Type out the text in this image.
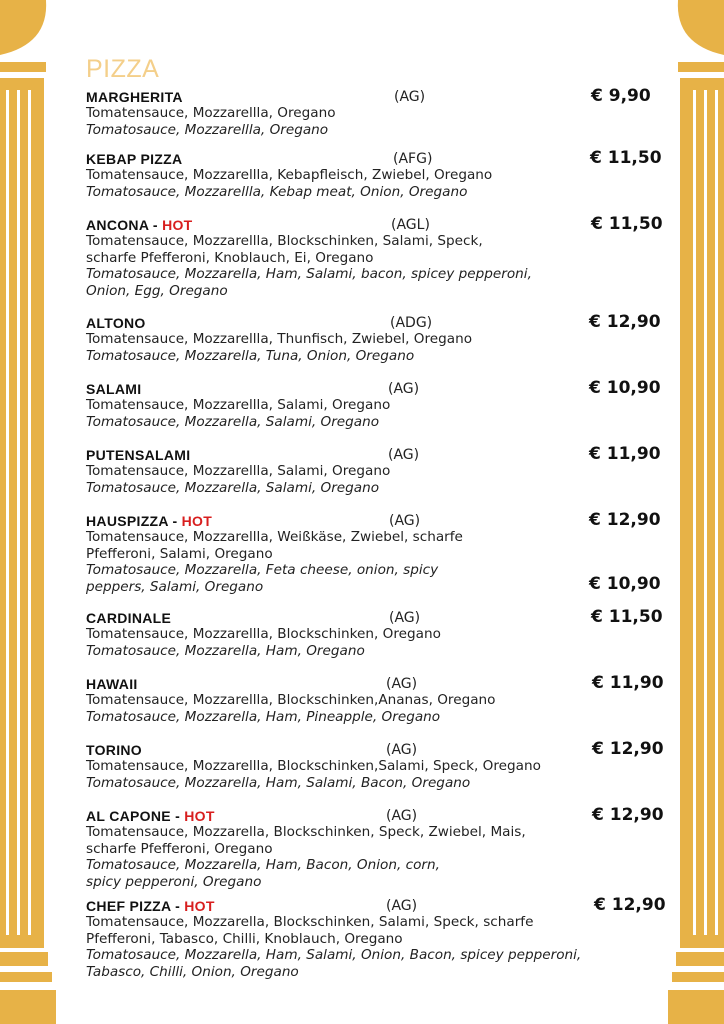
PIZZA
MARGHERITA	(AG)	€ 9,90
Tomatensauce, Mozzarellla, Oregano
Tomatosauce, Mozzarellla, Oregano
KEBAP PIZZA	(AFG)	€ 11,50
Tomatensauce, Mozzarellla, Kebapfleisch, Zwiebel, Oregano
Tomatosauce, Mozzarellla, Kebap meat, Onion, Oregano
ANCONA - HOT	(AGL)	€ 11,50
Tomatensauce, Mozzarellla, Blockschinken, Salami, Speck,
scharfe Pfefferoni, Knoblauch, Ei, Oregano
Tomatosauce, Mozzarella, Ham, Salami, bacon, spicey pepperoni,
Onion, Egg, Oregano
ALTONO	(ADG)	€ 12,90
Tomatensauce, Mozzarellla, Thunfisch, Zwiebel, Oregano
Tomatosauce, Mozzarella, Tuna, Onion, Oregano
SALAMI	(AG)	€ 10,90
Tomatensauce, Mozzarellla, Salami, Oregano
Tomatosauce, Mozzarella, Salami, Oregano
PUTENSALAMI	(AG)	€ 11,90
Tomatensauce, Mozzarellla, Salami, Oregano
Tomatosauce, Mozzarella, Salami, Oregano
HAUSPIZZA - HOT	(AG)	€ 12,90
Tomatensauce, Mozzarellla, Weißkäse, Zwiebel, scharfe
Pfefferoni, Salami, Oregano
Tomatosauce, Mozzarella, Feta cheese, onion, spicy
peppers, Salami, Oregano	€ 10,90
CARDINALE	(AG)	€ 11,50
Tomatensauce, Mozzarellla, Blockschinken, Oregano
Tomatosauce, Mozzarella, Ham, Oregano
HAWAII	(AG)	€ 11,90
Tomatensauce, Mozzarellla, Blockschinken,Ananas, Oregano
Tomatosauce, Mozzarella, Ham, Pineapple, Oregano
TORINO	(AG)	€ 12,90
Tomatensauce, Mozzarellla, Blockschinken,Salami, Speck, Oregano
Tomatosauce, Mozzarella, Ham, Salami, Bacon, Oregano
AL CAPONE - HOT	(AG)	€ 12,90
Tomatensauce, Mozzarella, Blockschinken, Speck, Zwiebel, Mais,
scharfe Pfefferoni, Oregano
Tomatosauce, Mozzarella, Ham, Bacon, Onion, corn,
spicy pepperoni, Oregano
CHEF PIZZA - HOT	(AG)	€ 12,90
Tomatensauce, Mozzarella, Blockschinken, Salami, Speck, scharfe
Pfefferoni, Tabasco, Chilli, Knoblauch, Oregano
Tomatosauce, Mozzarella, Ham, Salami, Onion, Bacon, spicey pepperoni,
Tabasco, Chilli, Onion, Oregano
